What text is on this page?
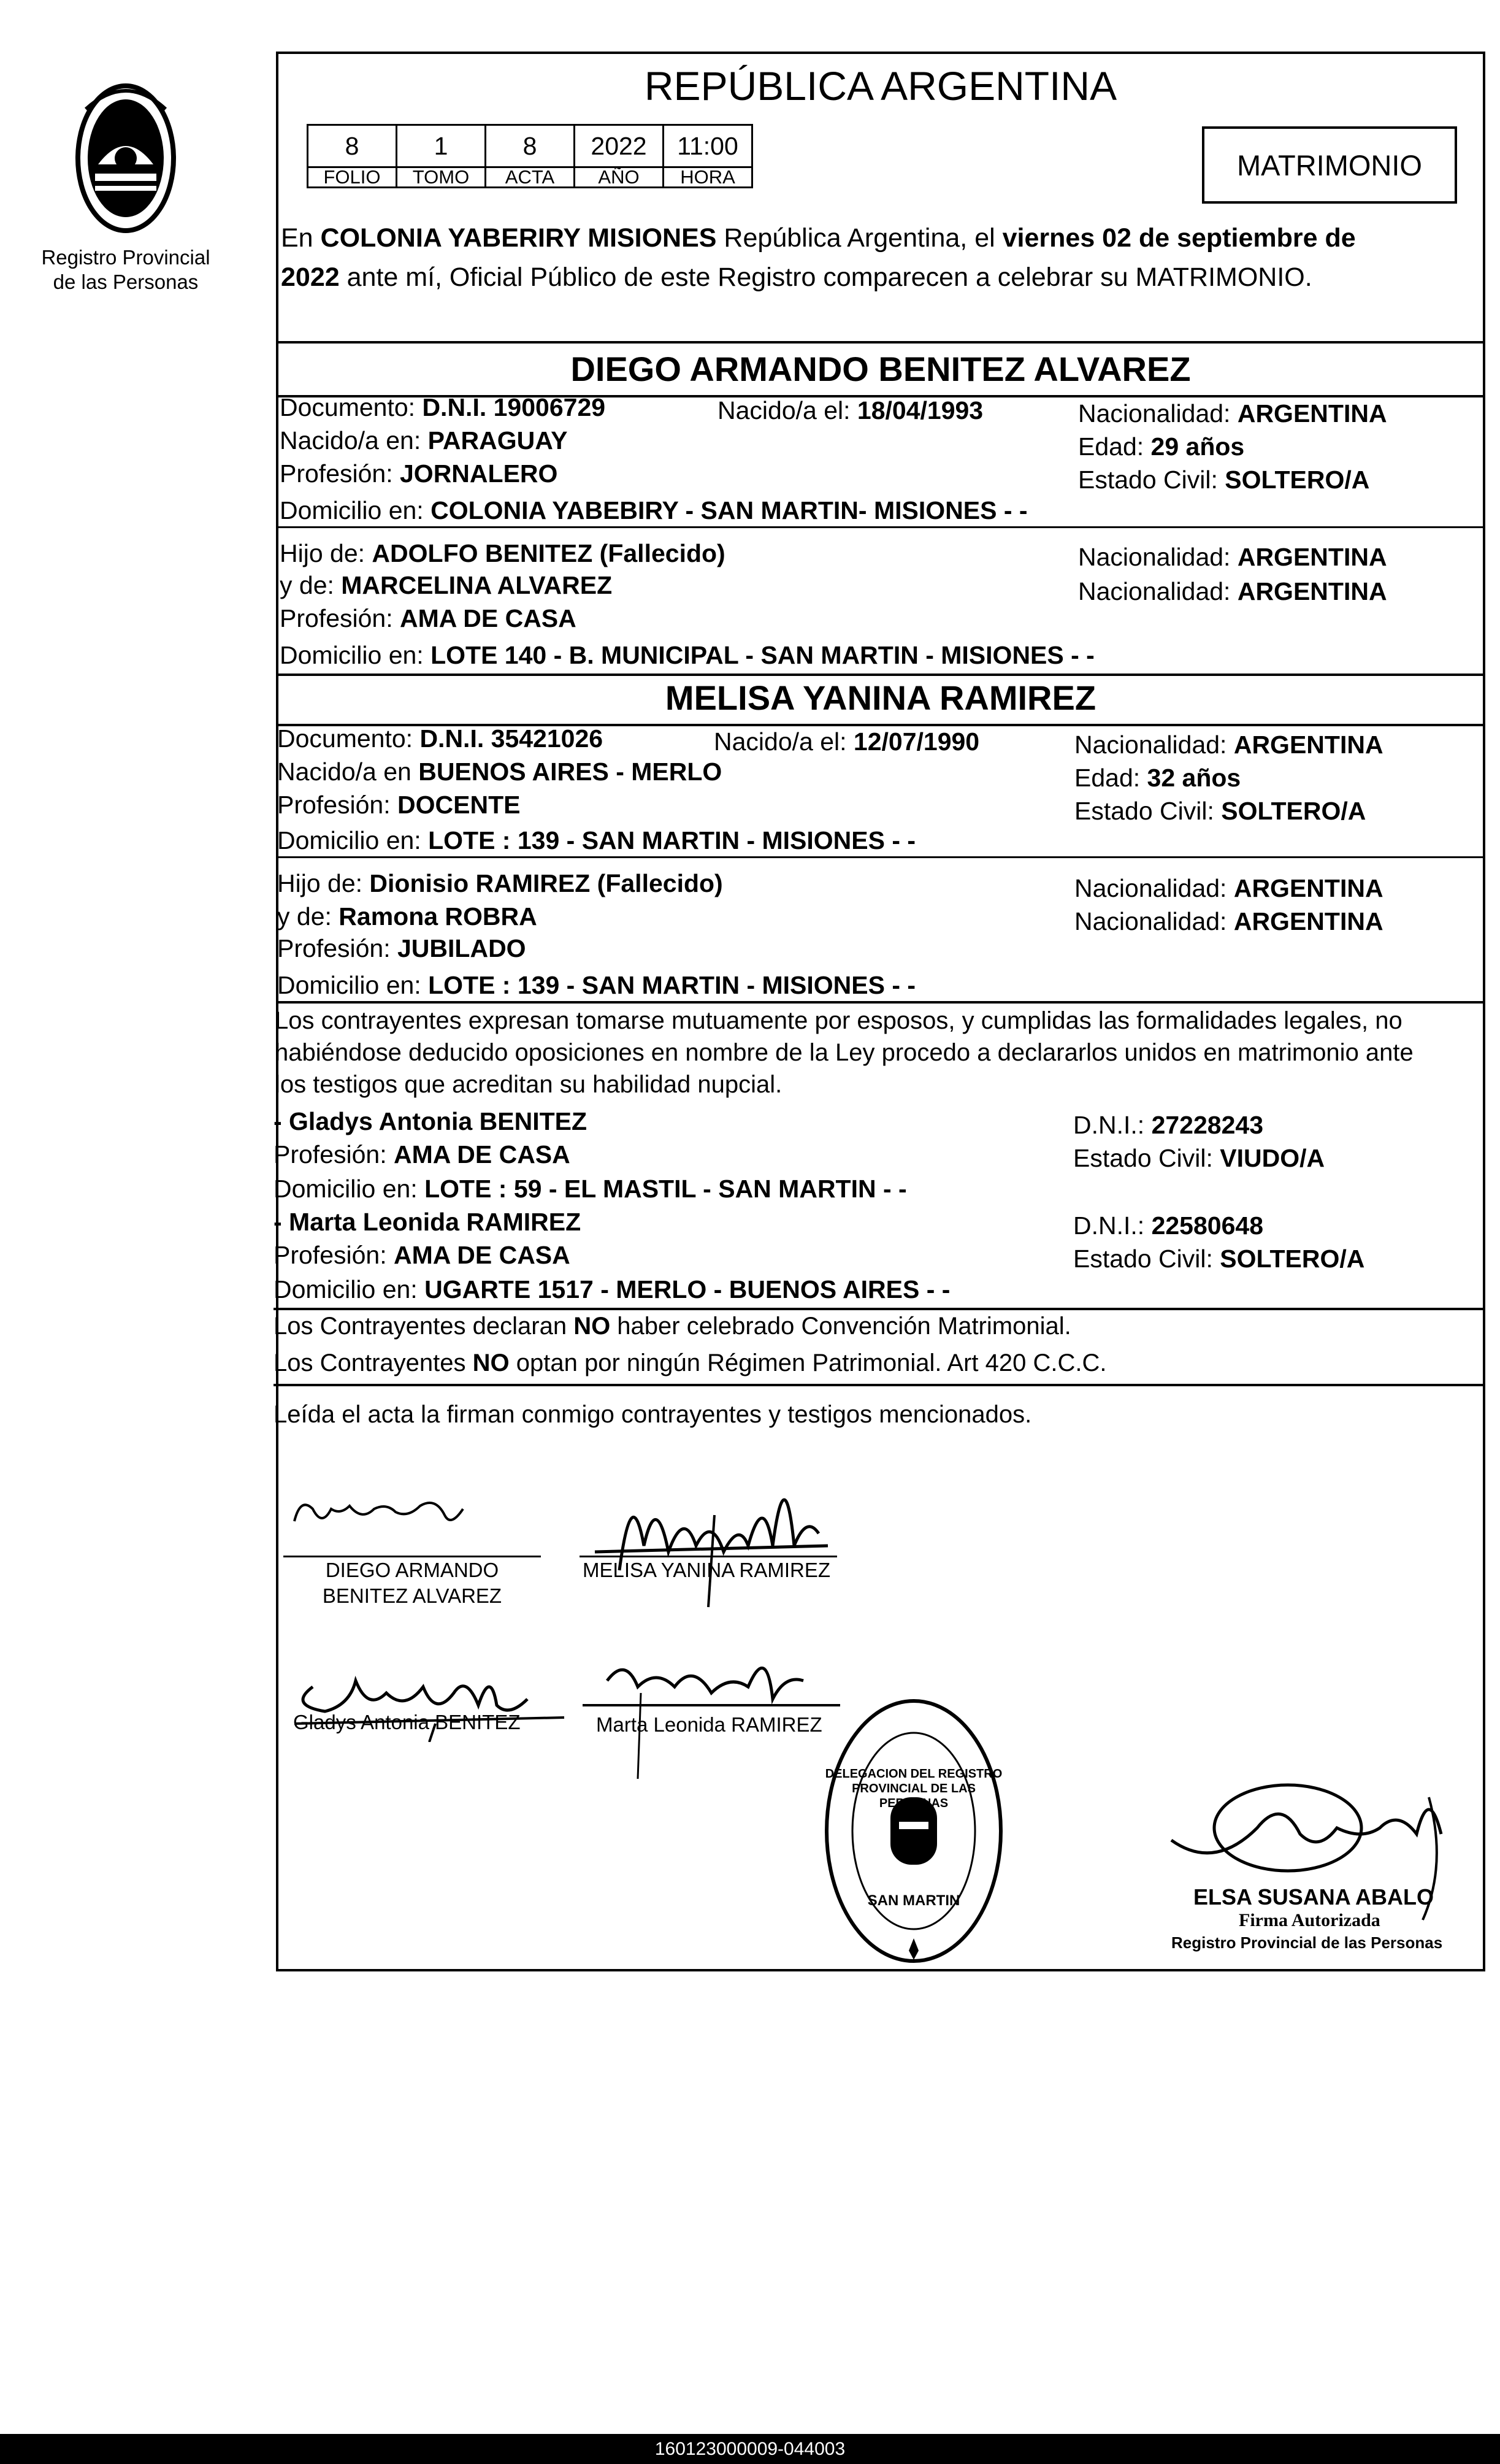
Registro Provincial
de las Personas
REPÚBLICA ARGENTINA
8	1	8	2022	11:00
FOLIO	TOMO	ACTA	AÑO	HORA	MATRIMONIO
En COLONIA YABERIRY MISIONES República Argentina, el viernes 02 de septiembre de
2022 ante mí, Oficial Público de este Registro comparecen a celebrar su MATRIMONIO.
DIEGO ARMANDO BENITEZ ALVAREZ
Documento: D.N.I. 19006729	Nacido/a el: 18/04/1993	Nacionalidad: ARGENTINA
Nacido/a en: PARAGUAY	Edad: 29 años
Profesión: JORNALERO	Estado Civil: SOLTERO/A
Domicilio en: COLONIA YABEBIRY - SAN MARTIN- MISIONES - -
Hijo de: ADOLFO BENITEZ (Fallecido)	Nacionalidad: ARGENTINA
y de: MARCELINA ALVAREZ	Nacionalidad: ARGENTINA
Profesión: AMA DE CASA
Domicilio en: LOTE 140 - B. MUNICIPAL - SAN MARTIN - MISIONES - -
MELISA YANINA RAMIREZ
Documento: D.N.I. 35421026	Nacido/a el: 12/07/1990	Nacionalidad: ARGENTINA
Nacido/a en BUENOS AIRES - MERLO	Edad: 32 años
Profesión: DOCENTE	Estado Civil: SOLTERO/A
Domicilio en: LOTE : 139 - SAN MARTIN - MISIONES - -
Hijo de: Dionisio RAMIREZ (Fallecido)	Nacionalidad: ARGENTINA
y de: Ramona ROBRA	Nacionalidad: ARGENTINA
Profesión: JUBILADO
Domicilio en: LOTE : 139 - SAN MARTIN - MISIONES - -
Los contrayentes expresan tomarse mutuamente por esposos, y cumplidas las formalidades legales, no
habiéndose deducido oposiciones en nombre de la Ley procedo a declararlos unidos en matrimonio ante
los testigos que acreditan su habilidad nupcial.
- Gladys Antonia BENITEZ	D.N.I.: 27228243
Profesión: AMA DE CASA	Estado Civil: VIUDO/A
Domicilio en: LOTE : 59 - EL MASTIL - SAN MARTIN - -
- Marta Leonida RAMIREZ	D.N.I.: 22580648
Profesión: AMA DE CASA	Estado Civil: SOLTERO/A
Domicilio en: UGARTE 1517 - MERLO - BUENOS AIRES - -
Los Contrayentes declaran NO haber celebrado Convención Matrimonial.
Los Contrayentes NO optan por ningún Régimen Patrimonial. Art 420 C.C.C.
Leída el acta la firman conmigo contrayentes y testigos mencionados.
DIEGO ARMANDO
BENITEZ ALVAREZ
MELISA YANINA RAMIREZ
Gladys Antonia BENITEZ	Marta Leonida RAMIREZ
SAN MARTIN
DELEGACION DEL REGISTRO PROVINCIAL DE LAS PERSONAS
ELSA SUSANA ABALO
Firma Autorizada
Registro Provincial de las Personas
160123000009-044003
